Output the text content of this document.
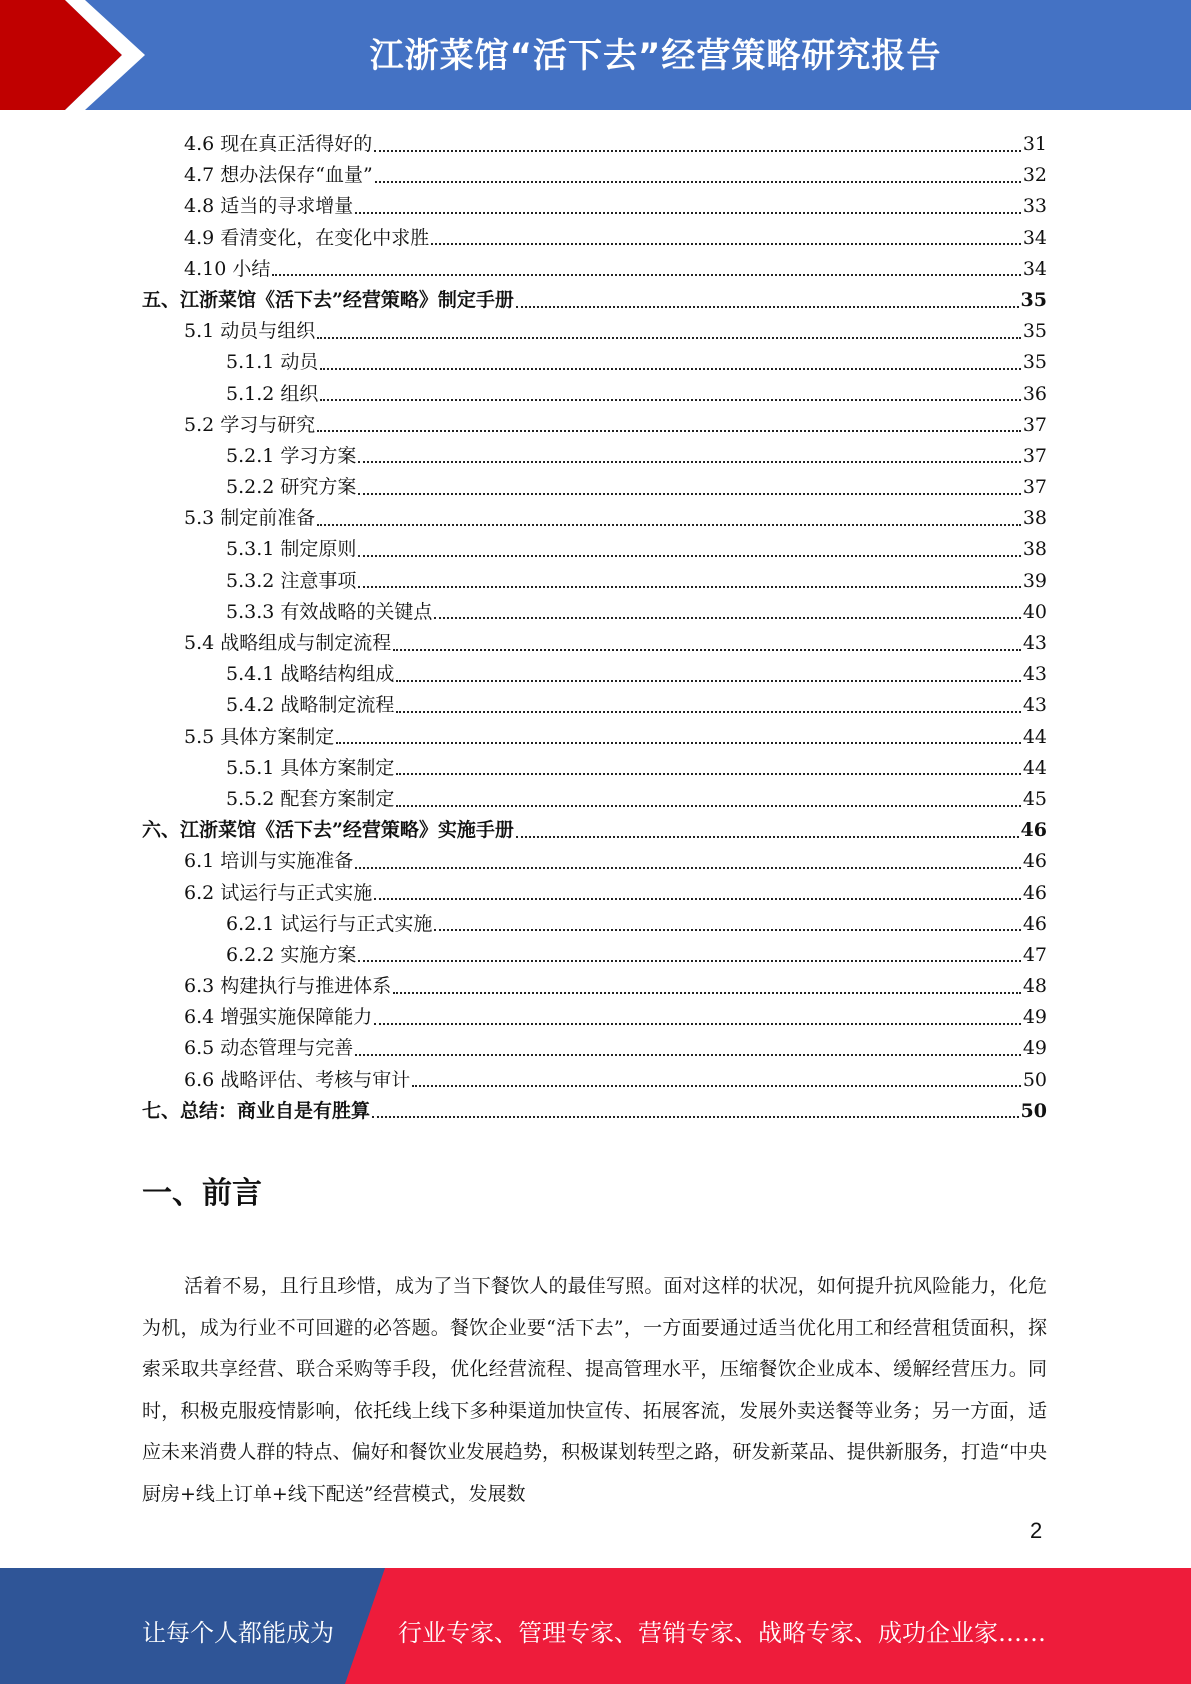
江浙菜馆“活下去”经营策略研究报告
4.6 现在真正活得好的	31
4.7 想办法保存“血量”	32
4.8 适当的寻求增量	33
4.9 看清变化，在变化中求胜	34
4.10 小结	34
五、江浙菜馆《活下去”经营策略》制定手册	35
5.1 动员与组织	35
5.1.1 动员	35
5.1.2 组织	36
5.2 学习与研究	37
5.2.1 学习方案	37
5.2.2 研究方案	37
5.3 制定前准备	38
5.3.1 制定原则	38
5.3.2 注意事项	39
5.3.3 有效战略的关键点	40
5.4 战略组成与制定流程	43
5.4.1 战略结构组成	43
5.4.2 战略制定流程	43
5.5 具体方案制定	44
5.5.1 具体方案制定	44
5.5.2 配套方案制定	45
六、江浙菜馆《活下去”经营策略》实施手册	46
6.1 培训与实施准备	46
6.2 试运行与正式实施	46
6.2.1 试运行与正式实施	46
6.2.2 实施方案	47
6.3 构建执行与推进体系	48
6.4 增强实施保障能力	49
6.5 动态管理与完善	49
6.6 战略评估、考核与审计	50
七、总结：商业自是有胜算	50
一、前言
活着不易，且行且珍惜，成为了当下餐饮人的最佳写照。面对这样的状况，如何提升抗风险能力，化危为机，成为行业不可回避的必答题。餐饮企业要“活下去”，一方面要通过适当优化用工和经营租赁面积，探索采取共享经营、联合采购等手段，优化经营流程、提高管理水平，压缩餐饮企业成本、缓解经营压力。同时，积极克服疫情影响，依托线上线下多种渠道加快宣传、拓展客流，发展外卖送餐等业务；另一方面，适应未来消费人群的特点、偏好和餐饮业发展趋势，积极谋划转型之路，研发新菜品、提供新服务，打造“中央厨房+线上订单+线下配送”经营模式，发展数
2
让每个人都能成为	行业专家、管理专家、营销专家、战略专家、成功企业家……
